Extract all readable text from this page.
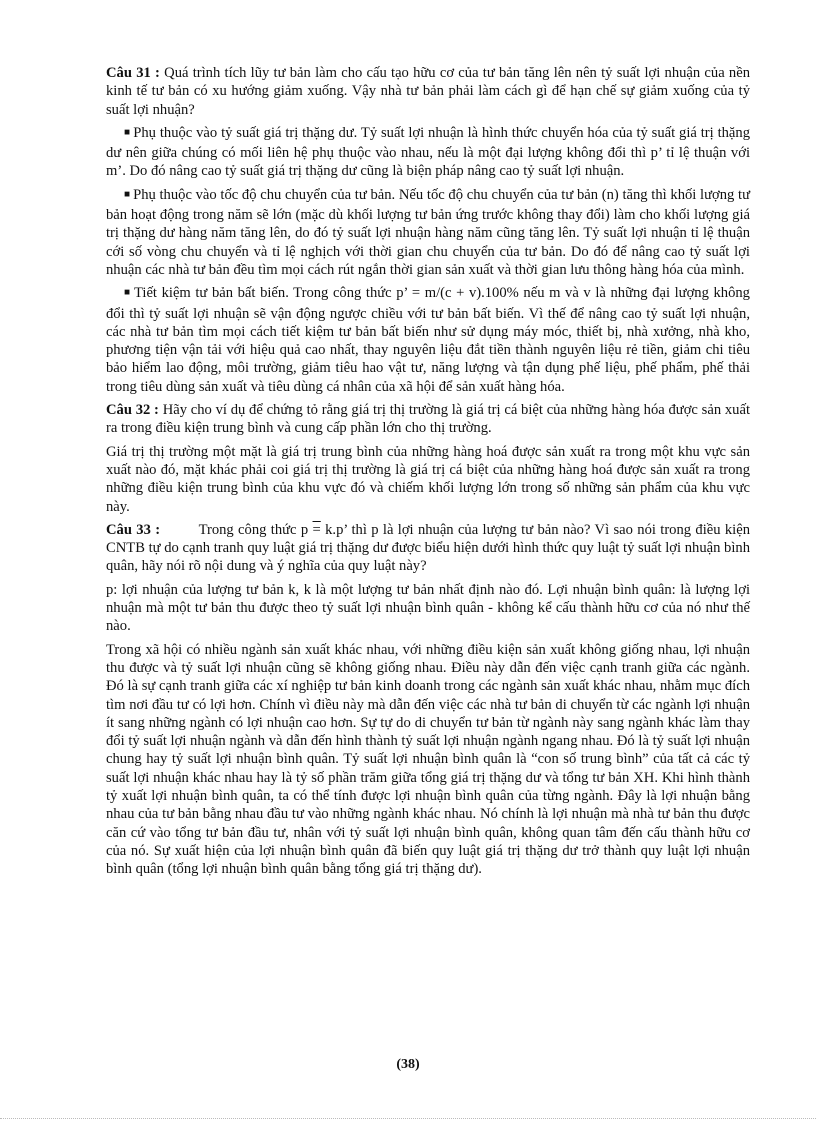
Câu 31 : Quá trình tích lũy tư bản làm cho cấu tạo hữu cơ của tư bản tăng lên nên tỷ suất lợi nhuận của nền kinh tế tư bản có xu hướng giảm xuống. Vậy nhà tư bản phải làm cách gì để hạn chế sự giảm xuống của tỷ suất lợi nhuận?

■ Phụ thuộc vào tỷ suất giá trị thặng dư. Tỷ suất lợi nhuận là hình thức chuyển hóa của tỷ suất giá trị thặng dư nên giữa chúng có mối liên hệ phụ thuộc vào nhau, nếu là một đại lượng không đổi thì p’ tỉ lệ thuận với m’. Do đó nâng cao tỷ suất giá trị thặng dư cũng là biện pháp nâng cao tỷ suất lợi nhuận.

■ Phụ thuộc vào tốc độ chu chuyển của tư bản. Nếu tốc độ chu chuyển của tư bản (n) tăng thì khối lượng tư bản hoạt động trong năm sẽ lớn (mặc dù khối lượng tư bản ứng trước không thay đổi) làm cho khối lượng giá trị thặng dư hàng năm tăng lên, do đó tỷ suất lợi nhuận hàng năm cũng tăng lên. Tỷ suất lợi nhuận tỉ lệ thuận cới số vòng chu chuyển và tỉ lệ nghịch với thời gian chu chuyển của tư bản. Do đó để nâng cao tỷ suất lợi nhuận các nhà tư bản đều tìm mọi cách rút ngắn thời gian sản xuất và thời gian lưu thông hàng hóa của mình.

■ Tiết kiệm tư bản bất biến. Trong công thức p’ = m/(c + v).100% nếu m và v là những đại lượng không đổi thì tỷ suất lợi nhuận sẽ vận động ngược chiều với tư bản bất biến. Vì thế để nâng cao tỷ suất lợi nhuận, các nhà tư bản tìm mọi cách tiết kiệm tư bản bất biến như sử dụng máy móc, thiết bị, nhà xưởng, nhà kho, phương tiện vận tải với hiệu quả cao nhất, thay nguyên liệu đắt tiền thành nguyên liệu rẻ tiền, giảm chi tiêu bảo hiểm lao động, môi trường, giảm tiêu hao vật tư, năng lượng và tận dụng phế liệu, phế phẩm, phế thải trong tiêu dùng sản xuất và tiêu dùng cá nhân của xã hội để sản xuất hàng hóa.

Câu 32 : Hãy cho ví dụ để chứng tỏ rằng giá trị thị trường là giá trị cá biệt của những hàng hóa được sản xuất ra trong điều kiện trung bình và cung cấp phần lớn cho thị trường.

Giá trị thị trường một mặt là giá trị trung bình của những hàng hoá được sản xuất ra trong một khu vực sản xuất nào đó, mặt khác phải coi giá trị thị trường là giá trị cá biệt của những hàng hoá được sản xuất ra trong những điều kiện trung bình của khu vực đó và chiếm khối lượng lớn trong số những sản phẩm của khu vực này.

Câu 33 :	Trong công thức p = k.p’ thì p là lợi nhuận của lượng tư bản nào? Vì sao nói trong điều kiện CNTB tự do cạnh tranh quy luật giá trị thặng dư được biểu hiện dưới hình thức quy luật tỷ suất lợi nhuận bình quân, hãy nói rõ nội dung và ý nghĩa của quy luật này?

p: lợi nhuận của lượng tư bản k, k là một lượng tư bản nhất định nào đó. Lợi nhuận bình quân: là lượng lợi nhuận mà một tư bản thu được theo tỷ suất lợi nhuận bình quân - không kể cấu thành hữu cơ của nó như thế nào.

Trong xã hội có nhiều ngành sản xuất khác nhau, với những điều kiện sản xuất không giống nhau, lợi nhuận thu được và tỷ suất lợi nhuận cũng sẽ không giống nhau. Điều này dẫn đến việc cạnh tranh giữa các ngành. Đó là sự cạnh tranh giữa các xí nghiệp tư bản kinh doanh trong các ngành sản xuất khác nhau, nhằm mục đích tìm nơi đầu tư có lợi hơn. Chính vì điều này mà dẫn đến việc các nhà tư bản di chuyển từ các ngành lợi nhuận ít sang những ngành có lợi nhuận cao hơn. Sự tự do di chuyển tư bản từ ngành này sang ngành khác làm thay đổi tỷ suất lợi nhuận ngành và dẫn đến hình thành tỷ suất lợi nhuận ngành ngang nhau. Đó là tỷ suất lợi nhuận chung hay tỷ suất lợi nhuận bình quân. Tỷ suất lợi nhuận bình quân là “con số trung bình” của tất cả các tỷ suất lợi nhuận khác nhau hay là tỷ số phần trăm giữa tổng giá trị thặng dư và tổng tư bản XH. Khi hình thành tỷ xuất lợi nhuận bình quân, ta có thể tính được lợi nhuận bình quân của từng ngành. Đây là lợi nhuận bằng nhau của tư bản bằng nhau đầu tư vào những ngành khác nhau. Nó chính là lợi nhuận mà nhà tư bản thu được căn cứ vào tổng tư bản đầu tư, nhân với tỷ suất lợi nhuận bình quân, không quan tâm đến cấu thành hữu cơ của nó. Sự xuất hiện của lợi nhuận bình quân đã biến quy luật giá trị thặng dư trở thành quy luật lợi nhuận bình quân (tổng lợi nhuận bình quân bằng tổng giá trị thặng dư).

(38)
